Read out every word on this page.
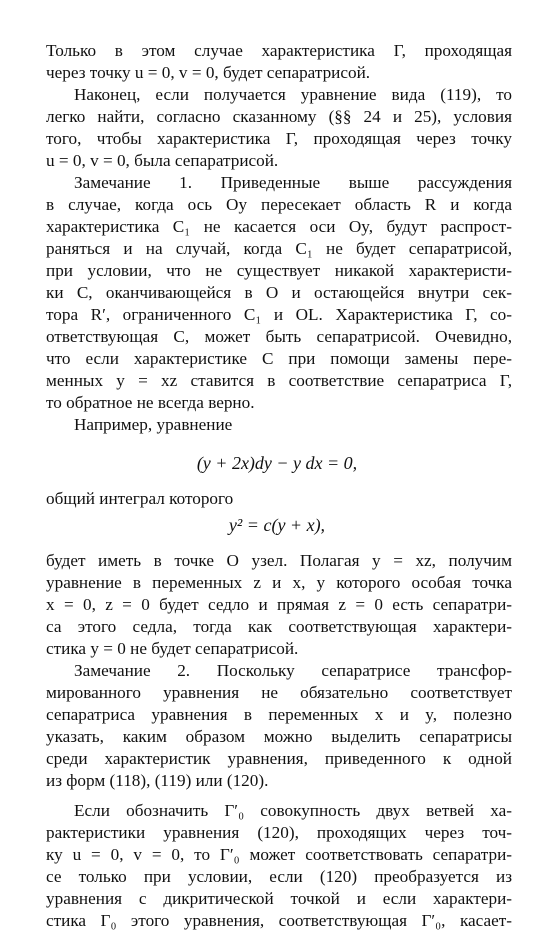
Только в этом случае характеристика Г, проходящая
через точку u = 0, v = 0, будет сепаратрисой.
Наконец, если получается уравнение вида (119), то
легко найти, согласно сказанному (§§ 24 и 25), условия
того, чтобы характеристика Г, проходящая через точку
u = 0, v = 0, была сепаратрисой.
Замечание 1. Приведенные выше рассуждения
в случае, когда ось Oy пересекает область R и когда
характеристика C₁ не касается оси Oy, будут распрост-
раняться и на случай, когда C₁ не будет сепаратрисой,
при условии, что не существует никакой характеристи-
ки C, оканчивающейся в O и остающейся внутри сек-
тора R′, ограниченного C₁ и OL. Характеристика Г, со-
ответствующая C, может быть сепаратрисой. Очевидно,
что если характеристике C при помощи замены пере-
менных y = xz ставится в соответствие сепаратриса Г,
то обратное не всегда верно.
Например, уравнение
(y + 2x)dy − y dx = 0,
общий интеграл которого
y² = c(y + x),
будет иметь в точке O узел. Полагая y = xz, получим
уравнение в переменных z и x, у которого особая точка
x = 0, z = 0 будет седло и прямая z = 0 есть сепаратри-
са этого седла, тогда как соответствующая характери-
стика y = 0 не будет сепаратрисой.
Замечание 2. Поскольку сепаратрисе трансфор-
мированного уравнения не обязательно соответствует
сепаратриса уравнения в переменных x и y, полезно
указать, каким образом можно выделить сепаратрисы
среди характеристик уравнения, приведенного к одной
из форм (118), (119) или (120).
Если обозначить Г′₀ совокупность двух ветвей ха-
рактеристики уравнения (120), проходящих через точ-
ку u = 0, v = 0, то Г′₀ может соответствовать сепаратри-
се только при условии, если (120) преобразуется из
уравнения с дикритической точкой и если характери-
стика Г₀ этого уравнения, соответствующая Г′₀, касает-
